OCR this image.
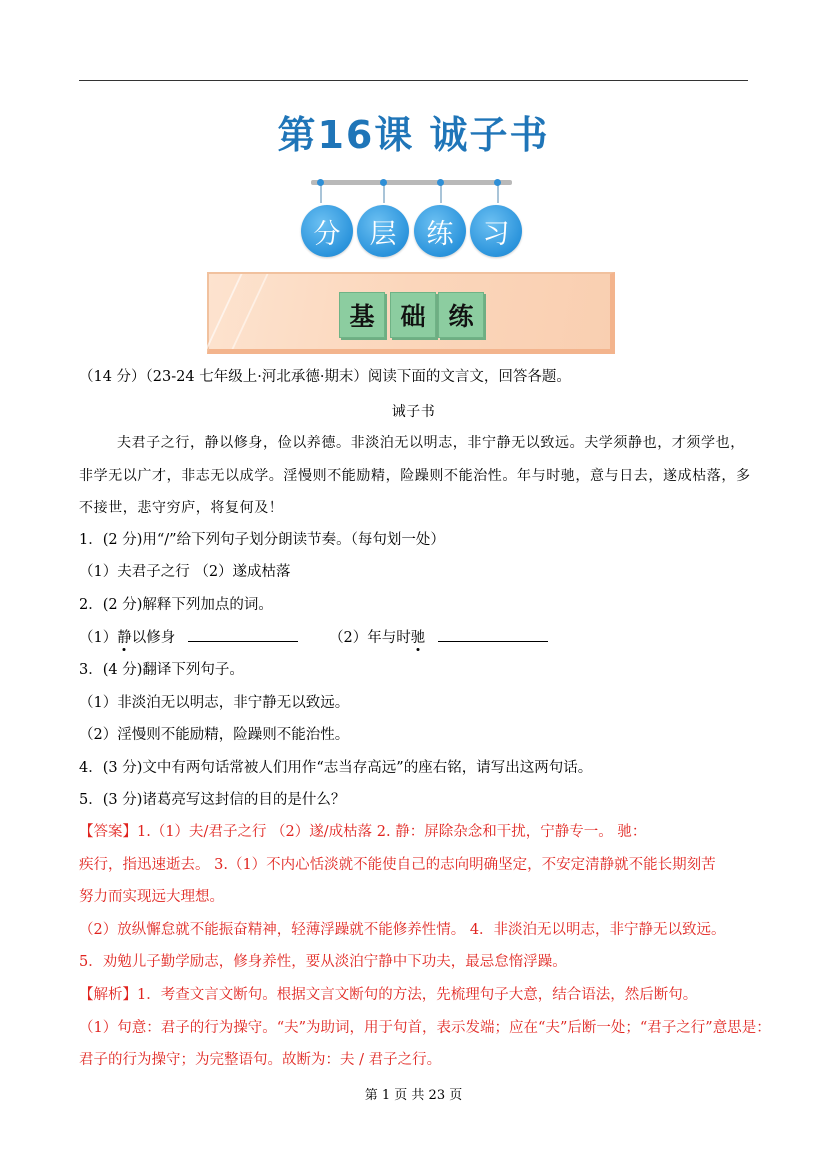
第16课 诚子书
分	层	练	习
基	础 练
（14 分）（23-24 七年级上·河北承德·期末）阅读下面的文言文，回答各题。
诫子书
夫君子之行，静以修身，俭以养德。非淡泊无以明志，非宁静无以致远。夫学须静也，才须学也，
非学无以广才，非志无以成学。淫慢则不能励精，险躁则不能治性。年与时驰，意与日去，遂成枯落，多
不接世，悲守穷庐，将复何及！
1．(2 分)用“/”给下列句子划分朗读节奏。（每句划一处）
（1）夫君子之行 （2）遂成枯落
2．(2 分)解释下列加点的词。
（1）静以修身	（2）年与时驰
3．(4 分)翻译下列句子。
（1）非淡泊无以明志，非宁静无以致远。
（2）淫慢则不能励精，险躁则不能治性。
4．(3 分)文中有两句话常被人们用作“志当存高远”的座右铭，请写出这两句话。
5．(3 分)诸葛亮写这封信的目的是什么？
【答案】1.（1）夫/君子之行 （2）遂/成枯落 2. 静：屏除杂念和干扰，宁静专一。 驰：
疾行，指迅速逝去。 3.（1）不内心恬淡就不能使自己的志向明确坚定，不安定清静就不能长期刻苦
努力而实现远大理想。
（2）放纵懈怠就不能振奋精神，轻薄浮躁就不能修养性情。 4．非淡泊无以明志，非宁静无以致远。
5．劝勉儿子勤学励志，修身养性，要从淡泊宁静中下功夫，最忌怠惰浮躁。
【解析】1．考查文言文断句。根据文言文断句的方法，先梳理句子大意，结合语法，然后断句。
（1）句意：君子的行为操守。“夫”为助词，用于句首，表示发端；应在“夫”后断一处；“君子之行”意思是：
君子的行为操守；为完整语句。故断为：夫 / 君子之行。
第 1 页 共 23 页
